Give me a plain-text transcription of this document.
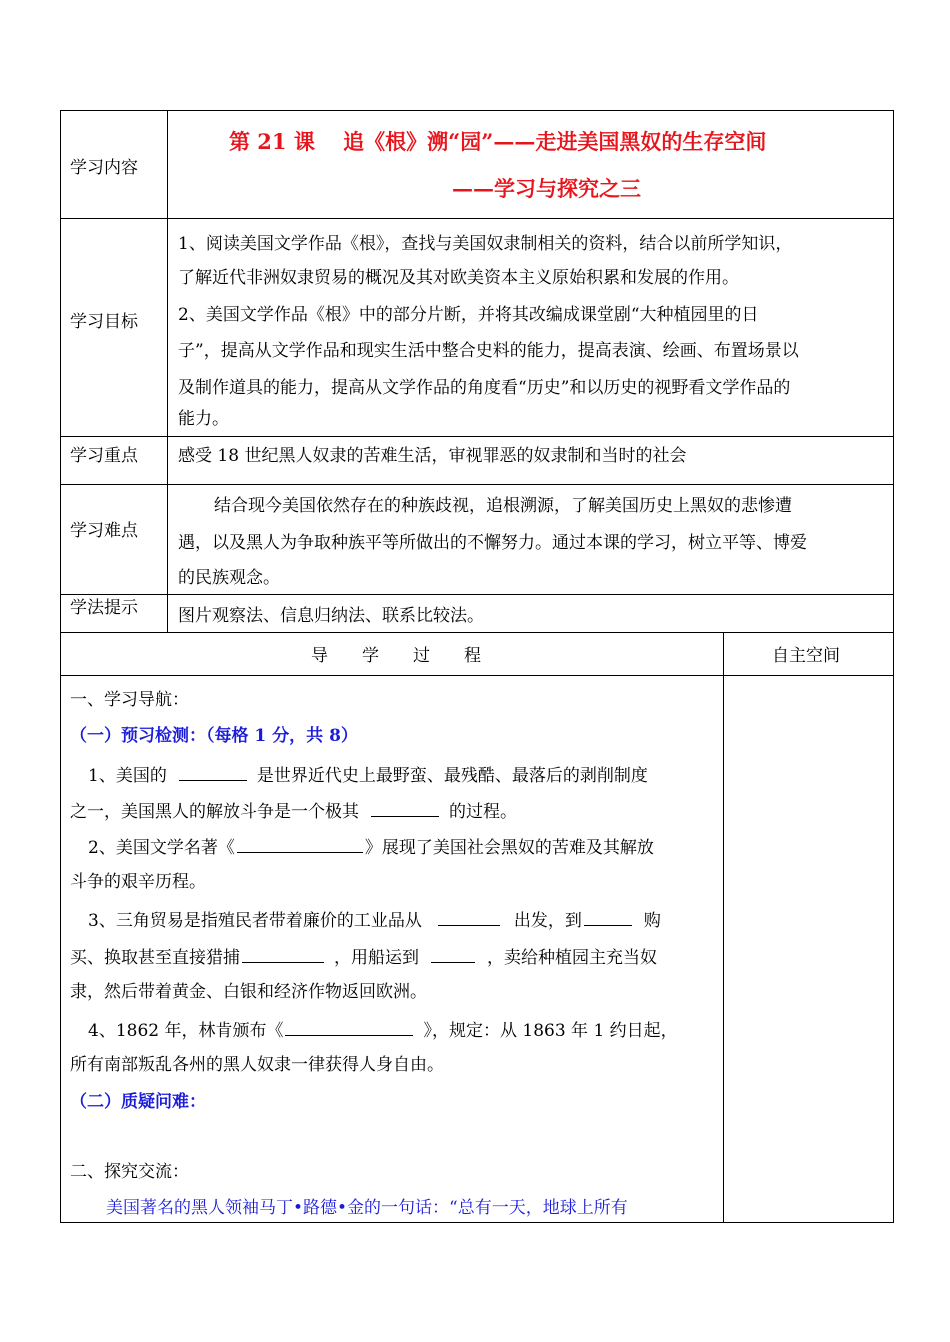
学习内容
第 21 课　 追《根》溯“园”——走进美国黑奴的生存空间
——学习与探究之三
学习目标
1、阅读美国文学作品《根》，查找与美国奴隶制相关的资料，结合以前所学知识，
了解近代非洲奴隶贸易的概况及其对欧美资本主义原始积累和发展的作用。
2、美国文学作品《根》中的部分片断，并将其改编成课堂剧“大种植园里的日
子”，提高从文学作品和现实生活中整合史料的能力，提高表演、绘画、布置场景以
及制作道具的能力，提高从文学作品的角度看“历史”和以历史的视野看文学作品的
能力。
学习重点 感受 18 世纪黑人奴隶的苦难生活，审视罪恶的奴隶制和当时的社会
学习难点
结合现今美国依然存在的种族歧视，追根溯源，了解美国历史上黑奴的悲惨遭
遇，以及黑人为争取种族平等所做出的不懈努力。通过本课的学习，树立平等、博爱
的民族观念。
学法提示 图片观察法、信息归纳法、联系比较法。
导　　学　　过　　程	自主空间
一、学习导航：
（一）预习检测：（每格 1 分，共 8）
1、美国的	是世界近代史上最野蛮、最残酷、最落后的剥削制度
之一，美国黑人的解放斗争是一个极其	的过程。
2、美国文学名著《	》展现了美国社会黑奴的苦难及其解放
斗争的艰辛历程。
3、三角贸易是指殖民者带着廉价的工业品从	出发，到	购
买、换取甚至直接猎捕	，用船运到	，卖给种植园主充当奴
隶，然后带着黄金、白银和经济作物返回欧洲。
4、1862 年，林肯颁布《	》，规定：从 1863 年 1 约日起，
所有南部叛乱各州的黑人奴隶一律获得人身自由。
（二）质疑问难：
二、探究交流：
美国著名的黑人领袖马丁•路德•金的一句话：“总有一天，地球上所有
